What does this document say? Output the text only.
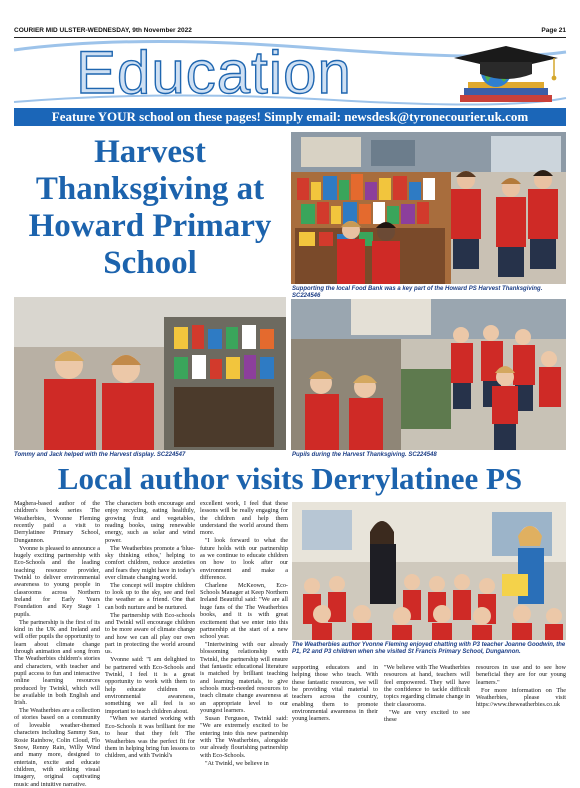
COURIER MID ULSTER-WEDNESDAY, 9th November 2022	Page 21
Education
Feature YOUR school on these pages! Simply email: newsdesk@tyronecourier.uk.com
Harvest Thanksgiving at Howard Primary School
Supporting the local Food Bank was a key part of the Howard PS Harvest Thanksgiving. SC224546
Tommy and Jack helped with the Harvest display. SC224547	Pupils during the Harvest Thanksgiving. SC224548
Local author visits Derrylatinee PS

Maghera-based author of the children's book series The Weatherbies, Yvonne Fleming recently paid a visit to Derrylatinee Primary School, Dungannon.

Yvonne is pleased to announce a hugely exciting partnership with Eco-Schools and the leading teaching resource provider, Twinkl to deliver environmental awareness to young people in classrooms across Northern Ireland for Early Years Foundation and Key Stage 1 pupils.

The partnership is the first of its kind in the UK and Ireland and will offer pupils the opportunity to learn about climate change through animation and song from The Weatherbies children's stories and characters, with teacher and pupil access to fun and interactive online learning resources produced by Twinkl, which will be available in both English and Irish.

The Weatherbies are a collection of stories based on a community of loveable weather-themed characters including Sammy Sun, Rosie Rainbow, Colin Cloud, Flo Snow, Renny Rain, Willy Wind and many more, designed to entertain, excite and educate children, with striking visual imagery, original captivating music and intuitive narrative.

The characters both encourage and enjoy recycling, eating healthily, growing fruit and vegetables, reading books, using renewable energy, such as solar and wind power.

The Weatherbies promote a 'blue-sky thinking ethos,' helping to comfort children, reduce anxieties and fears they might have in today's ever climate changing world.

The concept will inspire children to look up to the sky, see and feel the weather as a friend. One that can both nurture and be nurtured.

The partnership with Eco-schools and Twinkl will encourage children to be more aware of climate change and how we can all play our own part in protecting the world around us.

Yvonne said: "I am delighted to be partnered with Eco-Schools and Twinkl, I feel it is a great opportunity to work with them to help educate children on environmental awareness, something we all feel is so important to teach children about.

"When we started working with Eco-Schools it was brilliant for me to hear that they felt The Weatherbies was the perfect fit for them in helping bring fun lessons to children, and with Twinkl's

excellent work, I feel that these lessons will be really engaging for the children and help them understand the world around them more.

"I look forward to what the future holds with our partnership as we continue to educate children on how to look after our environment and make a difference.

Charlene McKeown, Eco-Schools Manager at Keep Northern Ireland Beautiful said: "We are all huge fans of the The Weatherbies books, and it is with great excitement that we enter into this partnership at the start of a new school year.

"Intertwining with our already blossoming relationship with Twinkl, the partnership will ensure that fantastic educational literature is matched by brilliant teaching and learning materials, to give schools much-needed resources to teach climate change awareness at an appropriate level to our youngest learners.

Susan Ferguson, Twinkl said: "We are extremely excited to be entering into this new partnership with The Weatherbies, alongside our already flourishing partnership with Eco-Schools.

"At Twinkl, we believe in

The Weatherbies author Yvonne Fleming enjoyed chatting with P3 teacher Joanne Goodwin, the P1, P2 and P3 children when she visited St Francis Primary School, Dungannon.

supporting educators and in helping those who teach. With these fantastic resources, we will be providing vital material to teachers across the country, enabling them to promote environmental awareness in their young learners.

"We believe with The Weatherbies resources at hand, teachers will feel empowered. They will have the confidence to tackle difficult topics regarding climate change in their classrooms.

"We are very excited to see these

resources in use and to see how beneficial they are for our young learners."

For more information on The Weatherbies, please visit https://www.theweatherbies.co.uk
